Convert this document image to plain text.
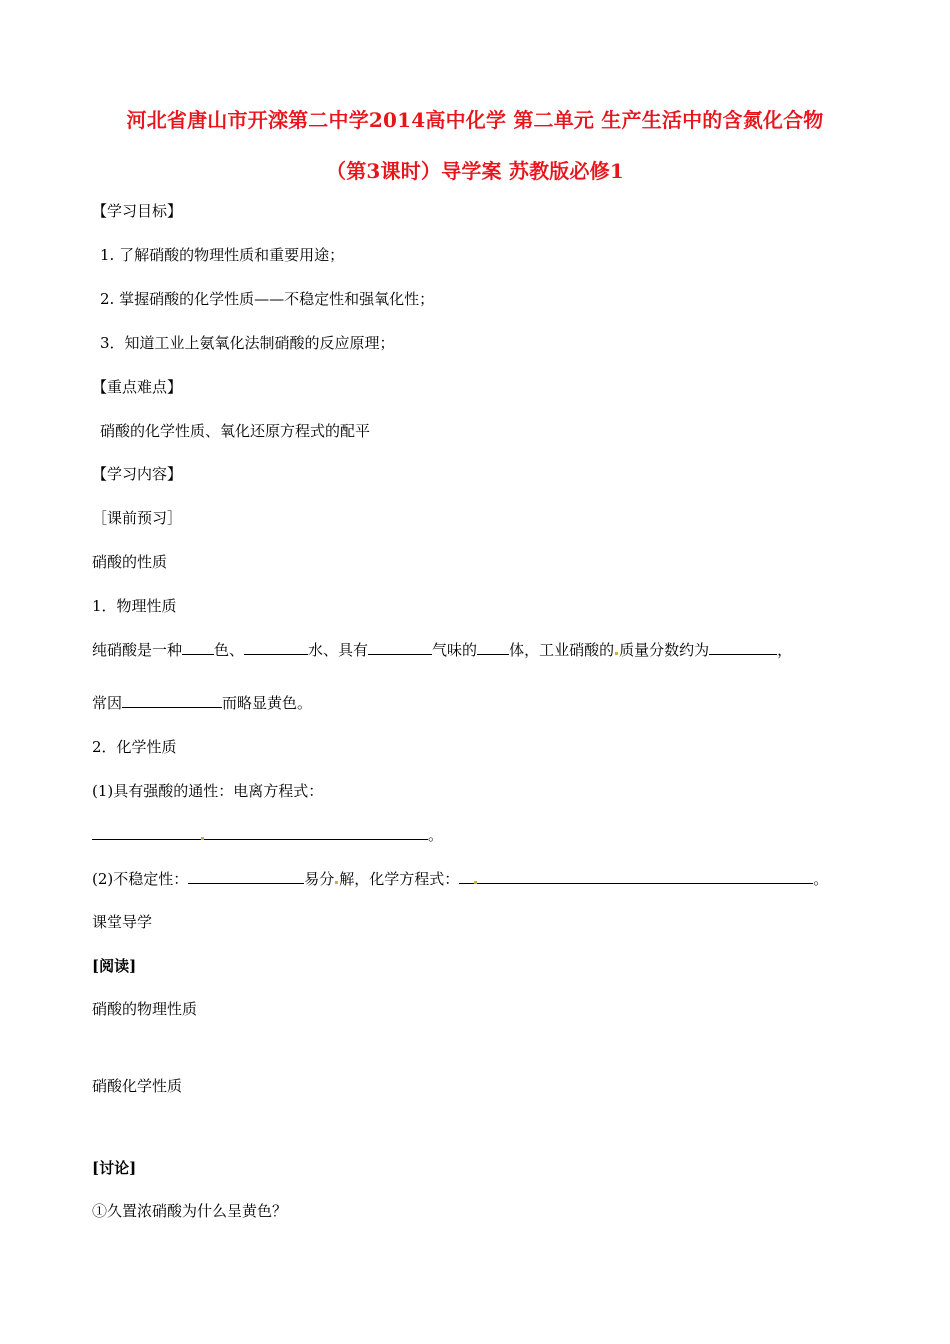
河北省唐山市开滦第二中学2014高中化学 第二单元 生产生活中的含氮化合物
（第3课时）导学案 苏教版必修1
【学习目标】
1. 了解硝酸的物理性质和重要用途；
2. 掌握硝酸的化学性质——不稳定性和强氧化性；
3．知道工业上氨氧化法制硝酸的反应原理；
【重点难点】
硝酸的化学性质、氧化还原方程式的配平
【学习内容】
［课前预习］
硝酸的性质
1．物理性质
纯硝酸是一种 色、	水、具有	气味的 体，工业硝酸的 质量分数约为	，
常因	而略显黄色。
2．化学性质
(1)具有强酸的通性：电离方程式：
。
(2)不稳定性：	易分 解，化学方程式：	。
课堂导学
[阅读]
硝酸的物理性质
硝酸化学性质
[讨论]
①久置浓硝酸为什么呈黄色？
